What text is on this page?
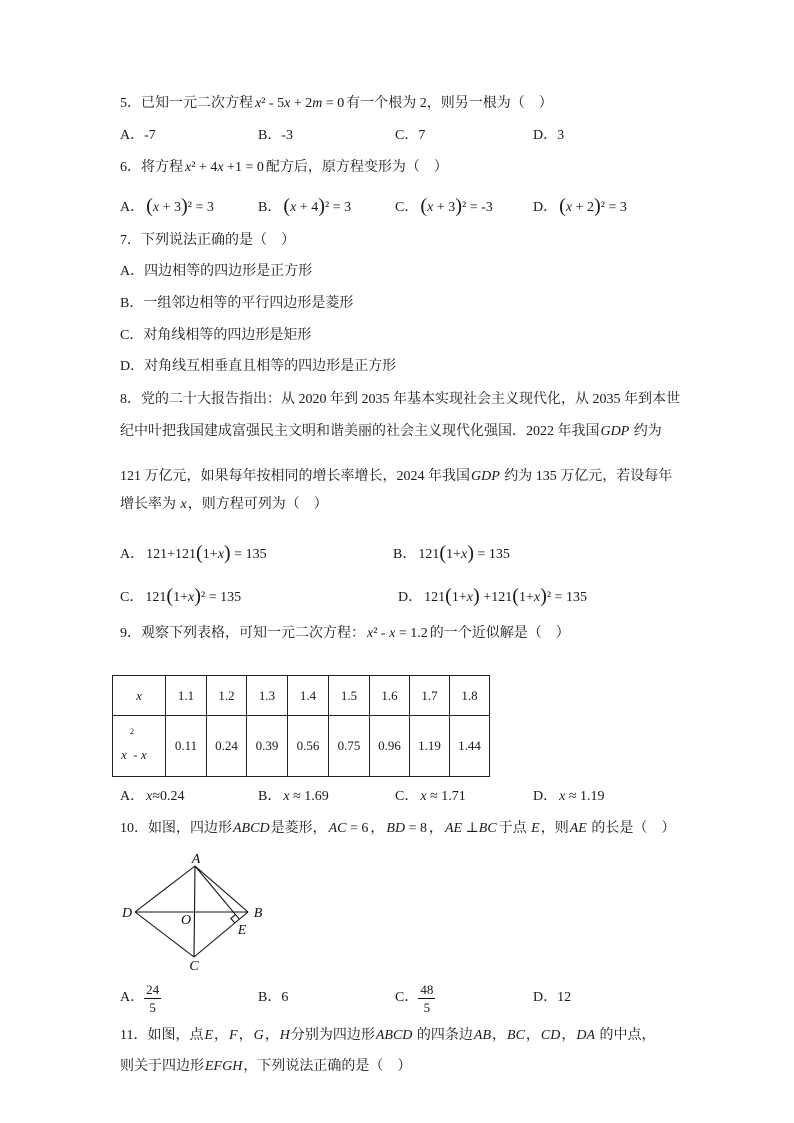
5．已知一元二次方程 x² - 5x + 2m = 0 有一个根为 2，则另一根为（　）
A．-7	B．-3	C．7	D．3
6．将方程 x² + 4x +1 = 0 配方后，原方程变形为（　）
A．(x + 3)² = 3	B．(x + 4)² = 3	C．(x + 3)² = -3	D．(x + 2)² = 3
7．下列说法正确的是（　）
A．四边相等的四边形是正方形
B．一组邻边相等的平行四边形是菱形
C．对角线相等的四边形是矩形
D．对角线互相垂直且相等的四边形是正方形
8．党的二十大报告指出：从 2020 年到 2035 年基本实现社会主义现代化，从 2035 年到本世
纪中叶把我国建成富强民主文明和谐美丽的社会主义现代化强国．2022 年我国GDP 约为
121 万亿元，如果每年按相同的增长率增长，2024 年我国GDP 约为 135 万亿元，若设每年
增长率为 x，则方程可列为（　）
A． 121+121(1+x) = 135	B． 121(1+x) = 135
C． 121(1+x)² = 135	D． 121(1+x) +121(1+x)² = 135
9．观察下列表格，可知一元二次方程： x² - x = 1.2 的一个近似解是（　）
x	1.1	1.2	1.3	1.4	1.5	1.6	1.7	1.8

2
x  - x	0.11	0.24	0.39	0.56	0.75	0.96	1.19	1.44
A． x≈0.24	B． x ≈ 1.69	C． x ≈ 1.71	D． x ≈ 1.19
10．如图，四边形ABCD是菱形， AC = 6 ， BD = 8 ， AE ⊥BC 于点 E，则AE 的长是（　）
A
D	O	B
E
C
A． $\frac{24}{5}$	B．6	C． $\frac{48}{5}$	D．12
11．如图，点E，F，G，H分别为四边形ABCD 的四条边AB，BC，CD，DA 的中点，
则关于四边形EFGH，下列说法正确的是（　）
